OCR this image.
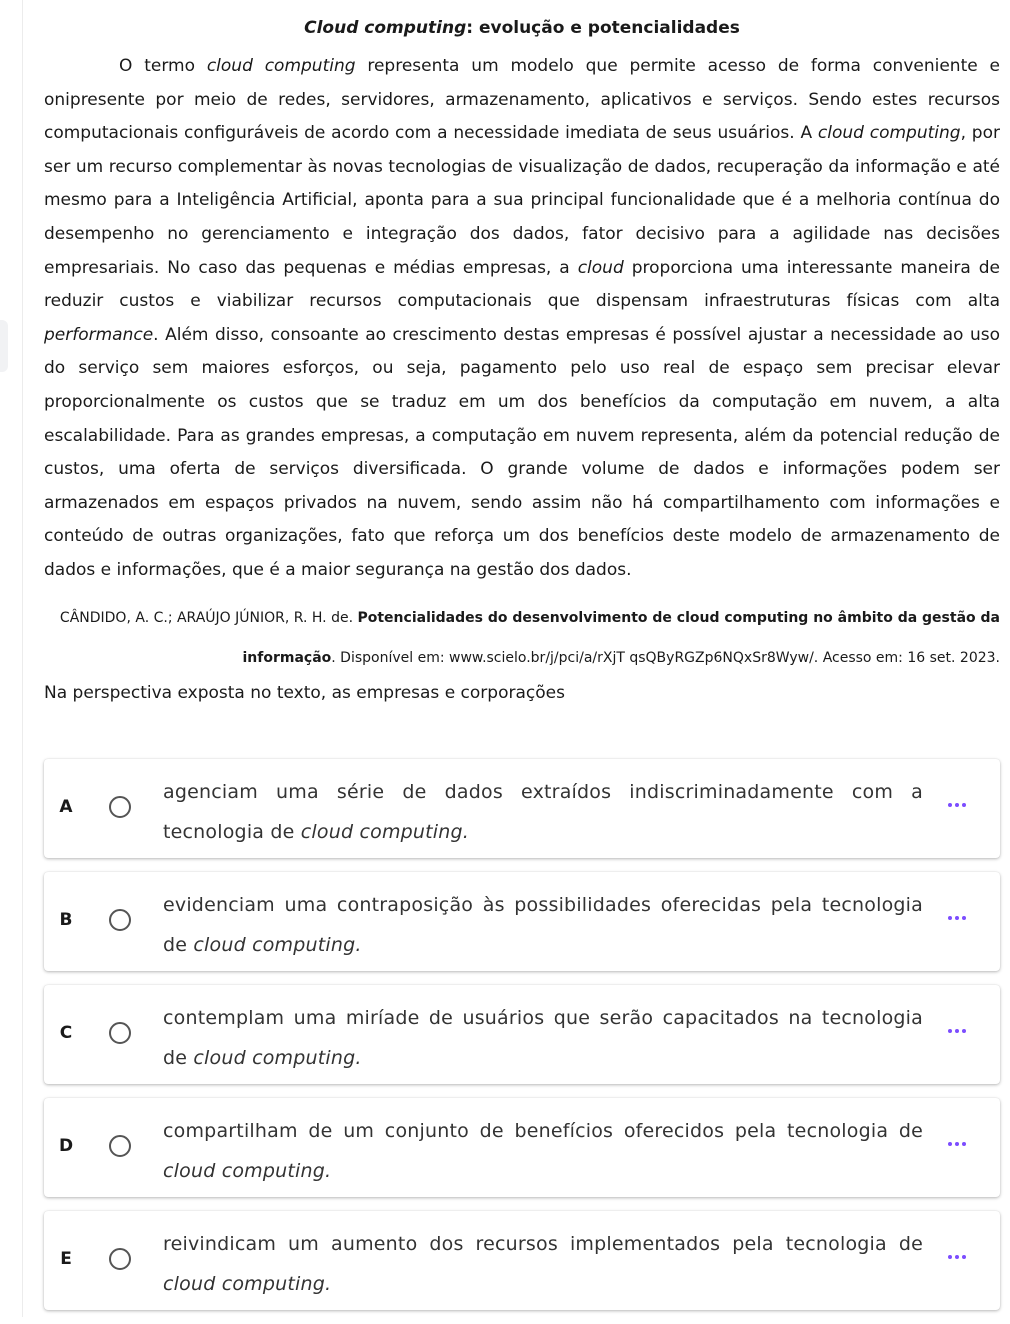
Cloud computing: evolução e potencialidades

O termo cloud computing representa um modelo que permite acesso de forma conveniente e onipresente por meio de redes, servidores, armazenamento, aplicativos e serviços. Sendo estes recursos computacionais configuráveis de acordo com a necessidade imediata de seus usuários. A cloud computing, por ser um recurso complementar às novas tecnologias de visualização de dados, recuperação da informação e até mesmo para a Inteligência Artificial, aponta para a sua principal funcionalidade que é a melhoria contínua do desempenho no gerenciamento e integração dos dados, fator decisivo para a agilidade nas decisões empresariais. No caso das pequenas e médias empresas, a cloud proporciona uma interessante maneira de reduzir custos e viabilizar recursos computacionais que dispensam infraestruturas físicas com alta performance. Além disso, consoante ao crescimento destas empresas é possível ajustar a necessidade ao uso do serviço sem maiores esforços, ou seja, pagamento pelo uso real de espaço sem precisar elevar proporcionalmente os custos que se traduz em um dos benefícios da computação em nuvem, a alta escalabilidade. Para as grandes empresas, a computação em nuvem representa, além da potencial redução de custos, uma oferta de serviços diversificada. O grande volume de dados e informações podem ser armazenados em espaços privados na nuvem, sendo assim não há compartilhamento com informações e conteúdo de outras organizações, fato que reforça um dos benefícios deste modelo de armazenamento de dados e informações, que é a maior segurança na gestão dos dados.

CÂNDIDO, A. C.; ARAÚJO JÚNIOR, R. H. de. Potencialidades do desenvolvimento de cloud computing no âmbito da gestão da informação. Disponível em: www.scielo.br/j/pci/a/rXjT qsQByRGZp6NQxSr8Wyw/. Acesso em: 16 set. 2023.

Na perspectiva exposta no texto, as empresas e corporações

A
agenciam uma série de dados extraídos indiscriminadamente com a tecnologia de cloud computing.
B
evidenciam uma contraposição às possibilidades oferecidas pela tecnologia de cloud computing.
C
contemplam uma miríade de usuários que serão capacitados na tecnologia de cloud computing.
D
compartilham de um conjunto de benefícios oferecidos pela tecnologia de cloud computing.
E
reivindicam um aumento dos recursos implementados pela tecnologia de cloud computing.
